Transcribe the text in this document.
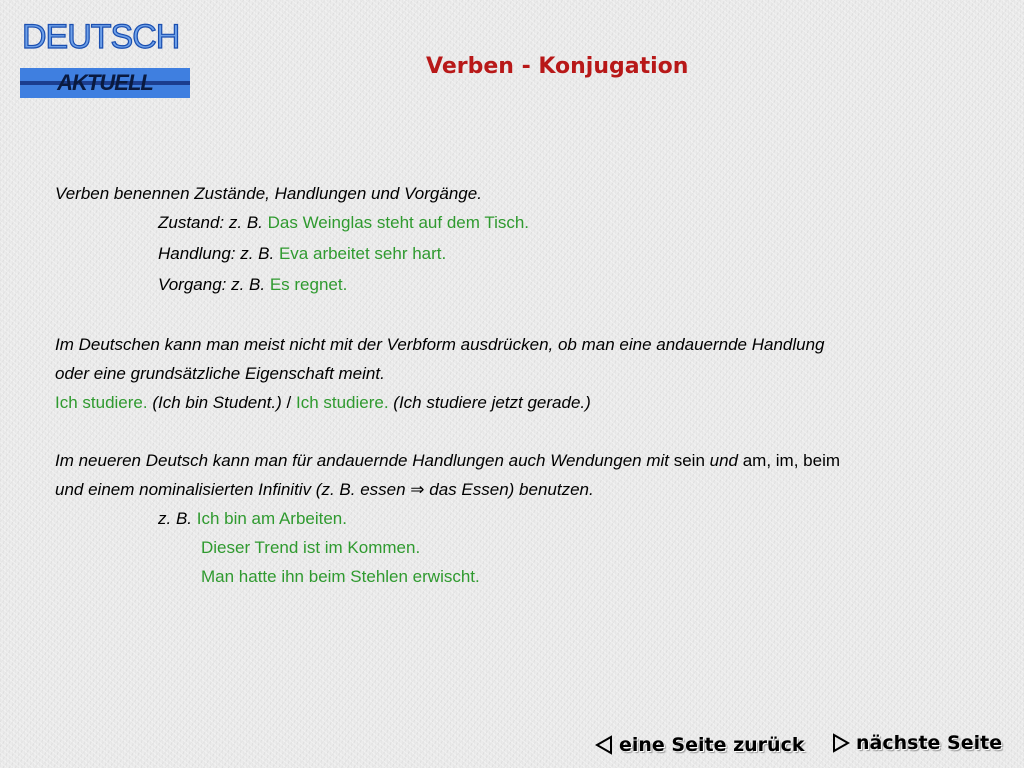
DEUTSCH
AKTUELL
Verben - Konjugation
Verben benennen Zustände, Handlungen und Vorgänge.
Zustand: z. B. Das Weinglas steht auf dem Tisch.
Handlung: z. B. Eva arbeitet sehr hart.
Vorgang: z. B. Es regnet.
Im Deutschen kann man meist nicht mit der Verbform ausdrücken, ob man eine andauernde Handlung
oder eine grundsätzliche Eigenschaft meint.
Ich studiere. (Ich bin Student.) / Ich studiere. (Ich studiere jetzt gerade.)
Im neueren Deutsch kann man für andauernde Handlungen auch Wendungen mit sein und am, im, beim
und einem nominalisierten Infinitiv (z. B. essen ⇒ das Essen) benutzen.
z. B. Ich bin am Arbeiten.
Dieser Trend ist im Kommen.
Man hatte ihn beim Stehlen erwischt.
eine Seite zurück	nächste Seite
